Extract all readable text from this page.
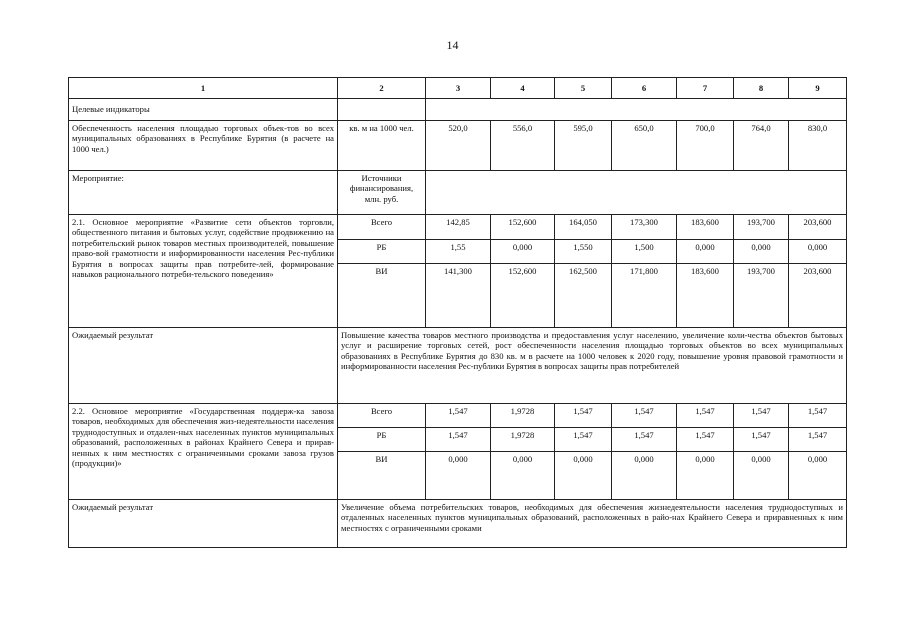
14
1	2	3	4	5	6	7	8	9
Целевые индикаторы								
Обеспеченность населения площадью торговых объек-тов во всех муниципальных образованиях в Республике Бурятия (в расчете на 1000 чел.)	кв. м на 1000 чел.	520,0	556,0	595,0	650,0	700,0	764,0	830,0
Мероприятие:	Источники финансирования, млн. руб.							
2.1. Основное мероприятие «Развитие сети объектов торговли, общественного питания и бытовых услуг, содействие продвижению на потребительский рынок товаров местных производителей, повышение право-вой грамотности и информированности населения Рес-публики Бурятия в вопросах защиты прав потребите-лей, формирование навыков рационального потреби-тельского поведения»	Всего	142,85	152,600	164,050	173,300	183,600	193,700	203,600
	РБ	1,55	0,000	1,550	1,500	0,000	0,000	0,000
	ВИ	141,300	152,600	162,500	171,800	183,600	193,700	203,600
Ожидаемый результат	Повышение качества товаров местного производства и предоставления услуг населению, увеличение коли-чества объектов бытовых услуг и расширение торговых сетей, рост обеспеченности населения площадью торговых объектов во всех муниципальных образованиях в Республике Бурятия до 830 кв. м в расчете на 1000 человек к 2020 году, повышение уровня правовой грамотности и информированности населения Рес-публики Бурятия в вопросах защиты прав потребителей							
2.2. Основное мероприятие «Государственная поддерж-ка завоза товаров, необходимых для обеспечения жиз-недеятельности населения труднодоступных и отдален-ных населенных пунктов муниципальных образований, расположенных в районах Крайнего Севера и прирав-ненных к ним местностях с ограниченными сроками завоза грузов (продукции)»	Всего	1,547	1,9728	1,547	1,547	1,547	1,547	1,547
	РБ	1,547	1,9728	1,547	1,547	1,547	1,547	1,547
	ВИ	0,000	0,000	0,000	0,000	0,000	0,000	0,000
Ожидаемый результат	Увеличение объема потребительских товаров, необходимых для обеспечения жизнедеятельности населения труднодоступных и отдаленных населенных пунктов муниципальных образований, расположенных в райо-нах Крайнего Севера и приравненных к ним местностях с ограниченными сроками							
